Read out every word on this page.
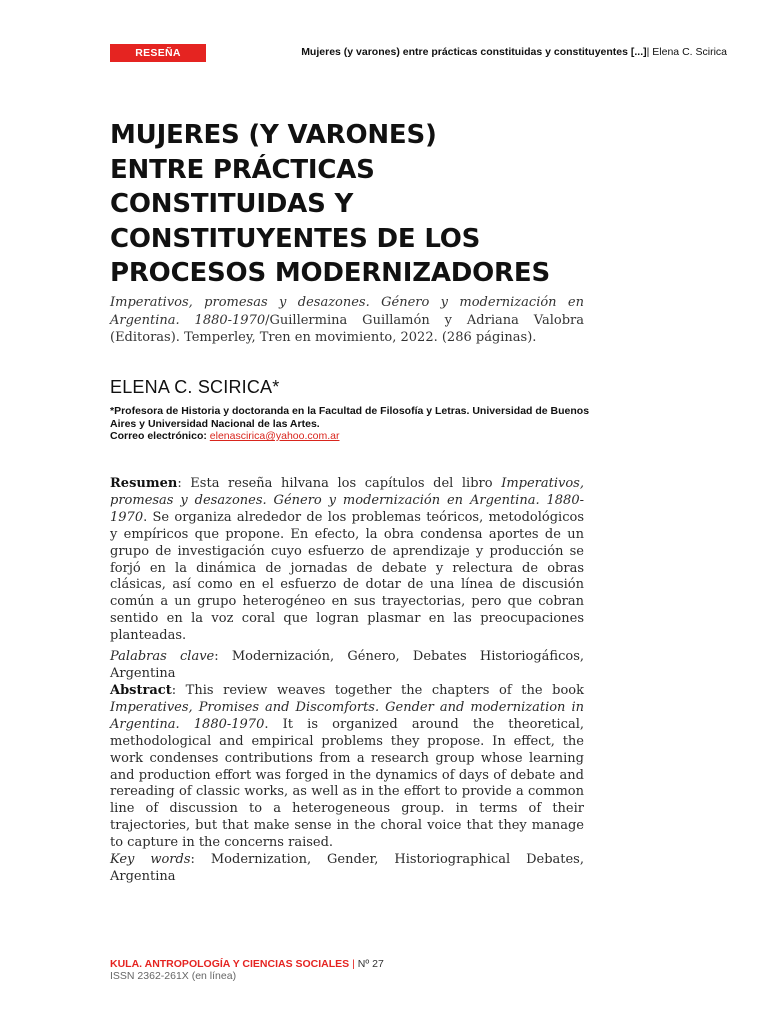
RESEÑA	Mujeres (y varones) entre prácticas constituidas y constituyentes [...]| Elena C. Scirica
MUJERES (Y VARONES)
ENTRE PRÁCTICAS
CONSTITUIDAS Y
CONSTITUYENTES DE LOS
PROCESOS MODERNIZADORES

Imperativos, promesas y desazones. Género y modernización en Argentina. 1880-1970/Guillermina Guillamón y Adriana Valobra (Editoras). Temperley, Tren en movimiento, 2022. (286 páginas).

ELENA C. SCIRICA*
*Profesora de Historia y doctoranda en la Facultad de Filosofía y Letras. Universidad de Buenos Aires y Universidad Nacional de las Artes.
Correo electrónico: elenascirica@yahoo.com.ar

Resumen: Esta reseña hilvana los capítulos del libro Imperativos, promesas y desazones. Género y modernización en Argentina. 1880-1970. Se organiza alrededor de los problemas teóricos, metodológicos y empíricos que propone. En efecto, la obra condensa aportes de un grupo de investigación cuyo esfuerzo de aprendizaje y producción se forjó en la dinámica de jornadas de debate y relectura de obras clásicas, así como en el esfuerzo de dotar de una línea de discusión común a un grupo heterogéneo en sus trayectorias, pero que cobran sentido en la voz coral que logran plasmar en las preocupaciones planteadas.

Palabras clave: Modernización, Género, Debates Historiogáficos, Argentina

Abstract: This review weaves together the chapters of the book Imperatives, Promises and Discomforts. Gender and modernization in Argentina. 1880-1970. It is organized around the theoretical, methodological and empirical problems they propose. In effect, the work condenses contributions from a research group whose learning and production effort was forged in the dynamics of days of debate and rereading of classic works, as well as in the effort to provide a common line of discussion to a heterogeneous group. in terms of their trajectories, but that make sense in the choral voice that they manage to capture in the concerns raised.

Key words: Modernization, Gender, Historiographical Debates, Argentina

KULA. ANTROPOLOGÍA Y CIENCIAS SOCIALES | Nº 27
ISSN 2362-261X (en línea)
